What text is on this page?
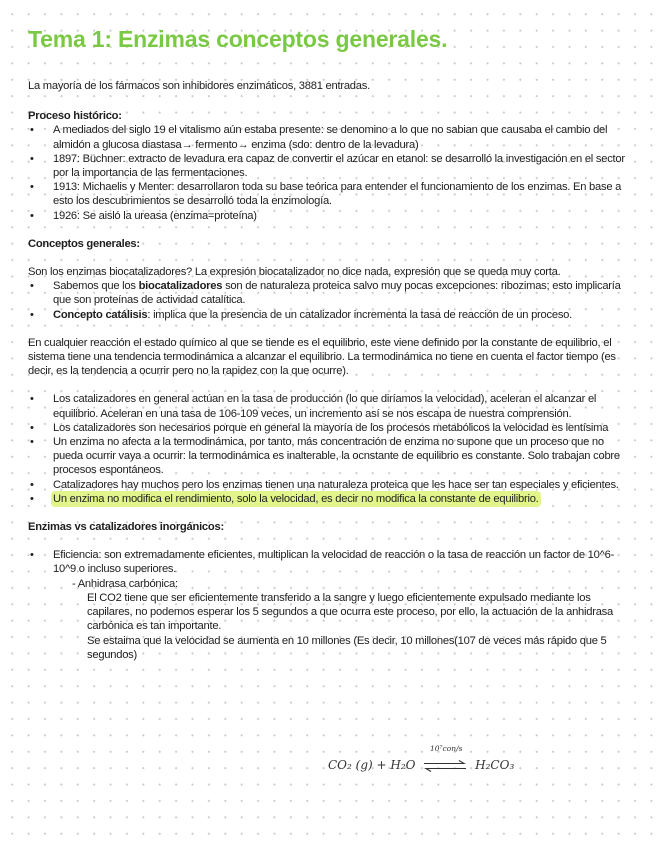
Tema 1: Enzimas conceptos generales.

La mayoría de los fármacos son inhibidores enzimáticos, 3881 entradas.

Proceso histórico:

• A mediados del siglo 19 el vitalismo aún estaba presente: se denomino a lo que no sabian que causaba el cambio del almidón a glucosa diastasa→ fermento→ enzima (sdo: dentro de la levadura)
• 1897: Büchner: extracto de levadura era capaz de convertir el azúcar en etanol: se desarrolló la investigación en el sector por la importancia de las fermentaciones.
• 1913: Michaelis y Menter: desarrollaron toda su base teórica para entender el funcionamiento de los enzimas. En base a esto los descubrimientos se desarrolló toda la enzimología.
• 1926: Se aisló la ureasa (enzima=proteína)

Conceptos generales:

Son los enzimas biocatalizadores? La expresión biocatalizador no dice nada, expresión que se queda muy corta.

• Sabemos que los biocatalizadores son de naturaleza proteica salvo muy pocas excepciones: ribozimas; esto implicaría que son proteínas de actividad catalítica.
• Concepto catálisis: implica que la presencia de un catalizador incrementa la tasa de reacción de un proceso.

En cualquier reacción el estado químico al que se tiende es el equilibrio, este viene definido por la constante de equilibrio, el sistema tiene una tendencia termodinámica a alcanzar el equilibrio. La termodinámica no tiene en cuenta el factor tiempo (es decir, es la tendencia a ocurrir pero no la rapidez con la que ocurre).

• Los catalizadores en general actúan en la tasa de producción (lo que diríamos la velocidad), aceleran el alcanzar el equilibrio. Aceleran en una tasa de 106-109 veces, un incremento así se nos escapa de nuestra comprensión.
• Los catalizadores son necesarios porque en general la mayoría de los procesos metabólicos la velocidad es lentísima
• Un enzima no afecta a la termodinámica, por tanto, más concentración de enzima no supone que un proceso que no pueda ocurrir vaya a ocurrir: la termodinámica es inalterable, la ocnstante de equilibrio es constante. Solo trabajan cobre procesos espontáneos.
• Catalizadores hay muchos pero los enzimas tienen una naturaleza proteica que les hace ser tan especiales y eficientes.
• Un enzima no modifica el rendimiento, solo la velocidad, es decir no modifica la constante de equilibrio.

Enzimas vs catalizadores inorgánicos:

• Eficiencia: son extremadamente eficientes, multiplican la velocidad de reacción o la tasa de reacción un factor de 10^6-10^9 o incluso superiores.

- Anhidrasa carbónica:

El CO2 tiene que ser eficientemente transferido a la sangre y luego eficientemente expulsado mediante los capilares, no podemos esperar los 5 segundos a que ocurra este proceso, por ello, la actuación de la anhidrasa carbónica es tan importante.

Se estaima que la velocidad se aumenta en 10 millones (Es decir, 10 millones(107 de veces más rápido que 5 segundos)

CO₂ (g) + H₂O ⇌ H₂CO₃
10⁷con/s
